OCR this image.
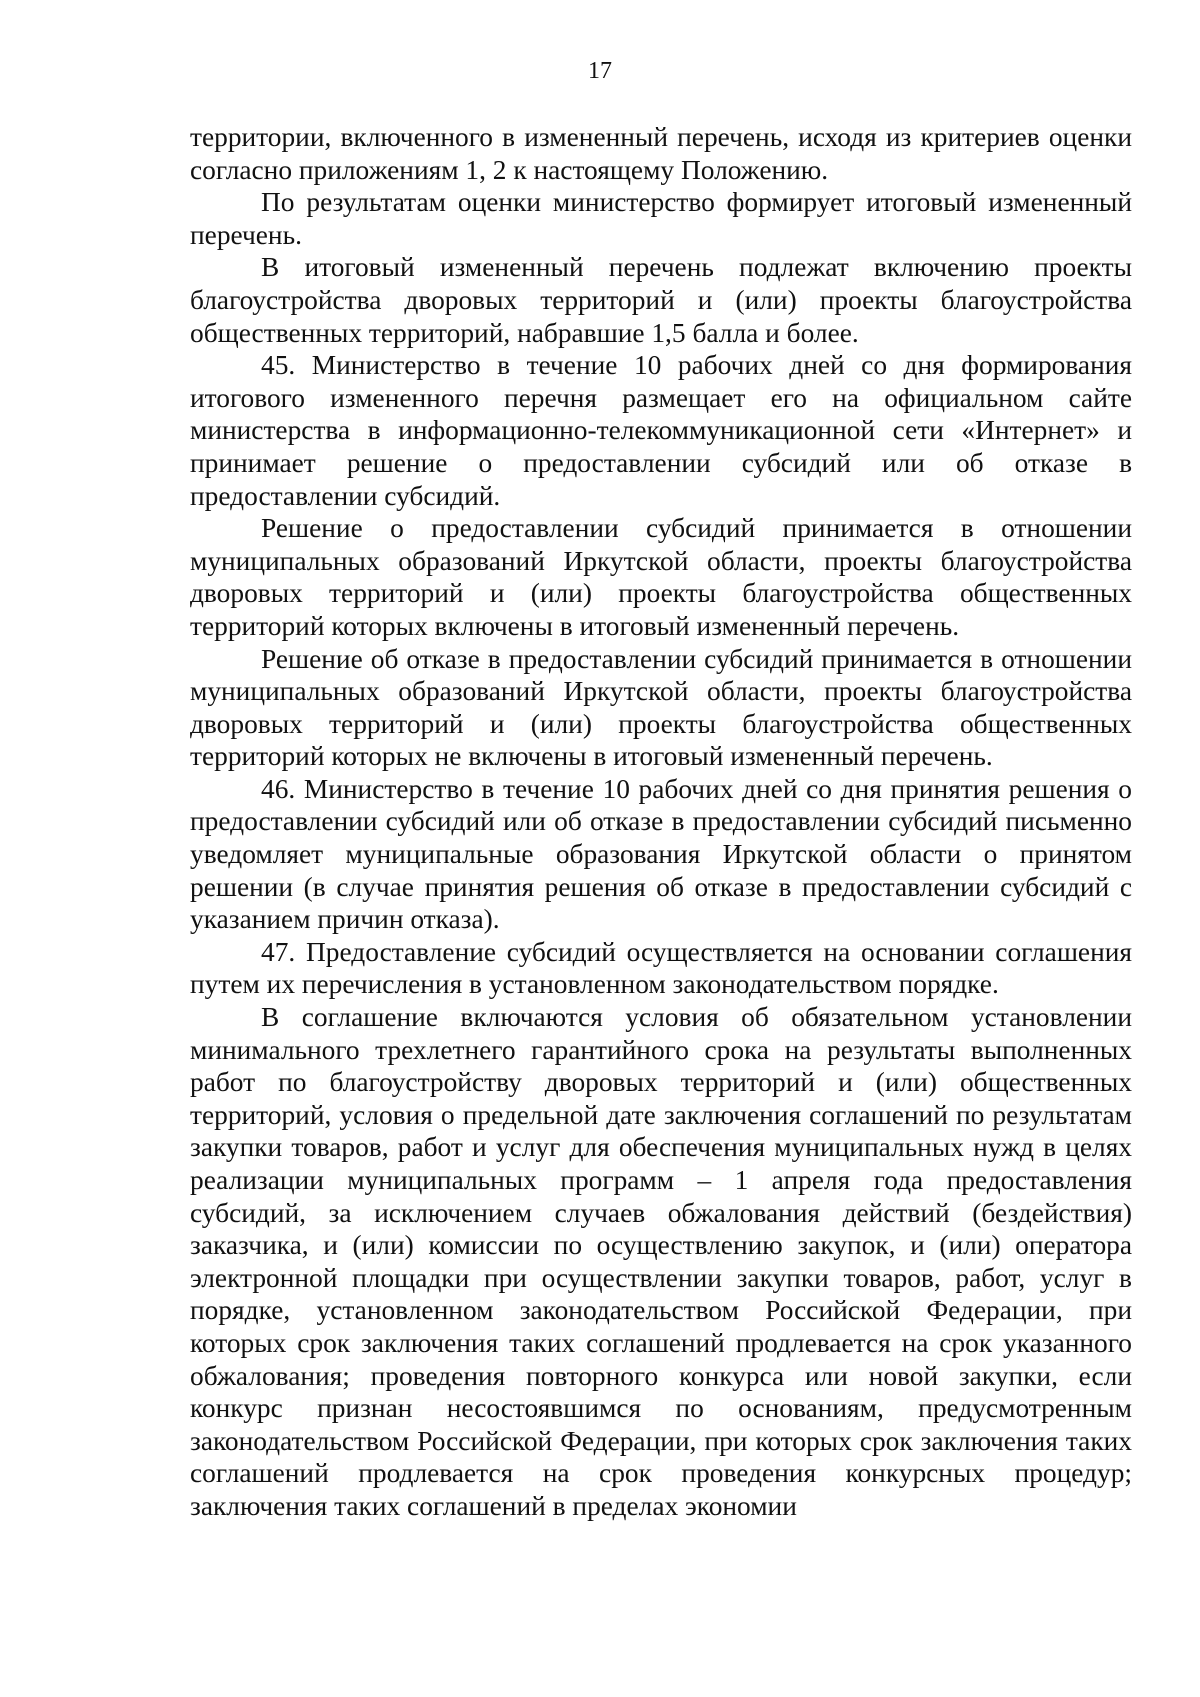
17

территории, включенного в измененный перечень, исходя из критериев оценки согласно приложениям 1, 2 к настоящему Положению.

По результатам оценки министерство формирует итоговый измененный перечень.

В итоговый измененный перечень подлежат включению проекты благоустройства дворовых территорий и (или) проекты благоустройства общественных территорий, набравшие 1,5 балла и более.

45. Министерство в течение 10 рабочих дней со дня формирования итогового измененного перечня размещает его на официальном сайте министерства в информационно-телекоммуникационной сети «Интернет» и принимает решение о предоставлении субсидий или об отказе в предоставлении субсидий.

Решение о предоставлении субсидий принимается в отношении муниципальных образований Иркутской области, проекты благоустройства дворовых территорий и (или) проекты благоустройства общественных территорий которых включены в итоговый измененный перечень.

Решение об отказе в предоставлении субсидий принимается в отношении муниципальных образований Иркутской области, проекты благоустройства дворовых территорий и (или) проекты благоустройства общественных территорий которых не включены в итоговый измененный перечень.

46. Министерство в течение 10 рабочих дней со дня принятия решения о предоставлении субсидий или об отказе в предоставлении субсидий письменно уведомляет муниципальные образования Иркутской области о принятом решении (в случае принятия решения об отказе в предоставлении субсидий с указанием причин отказа).

47. Предоставление субсидий осуществляется на основании соглашения путем их перечисления в установленном законодательством порядке.

В соглашение включаются условия об обязательном установлении минимального трехлетнего гарантийного срока на результаты выполненных работ по благоустройству дворовых территорий и (или) общественных территорий, условия о предельной дате заключения соглашений по результатам закупки товаров, работ и услуг для обеспечения муниципальных нужд в целях реализации муниципальных программ – 1 апреля года предоставления субсидий, за исключением случаев обжалования действий (бездействия) заказчика, и (или) комиссии по осуществлению закупок, и (или) оператора электронной площадки при осуществлении закупки товаров, работ, услуг в порядке, установленном законодательством Российской Федерации, при которых срок заключения таких соглашений продлевается на срок указанного обжалования; проведения повторного конкурса или новой закупки, если конкурс признан несостоявшимся по основаниям, предусмотренным законодательством Российской Федерации, при которых срок заключения таких соглашений продлевается на срок проведения конкурсных процедур; заключения таких соглашений в пределах экономии
